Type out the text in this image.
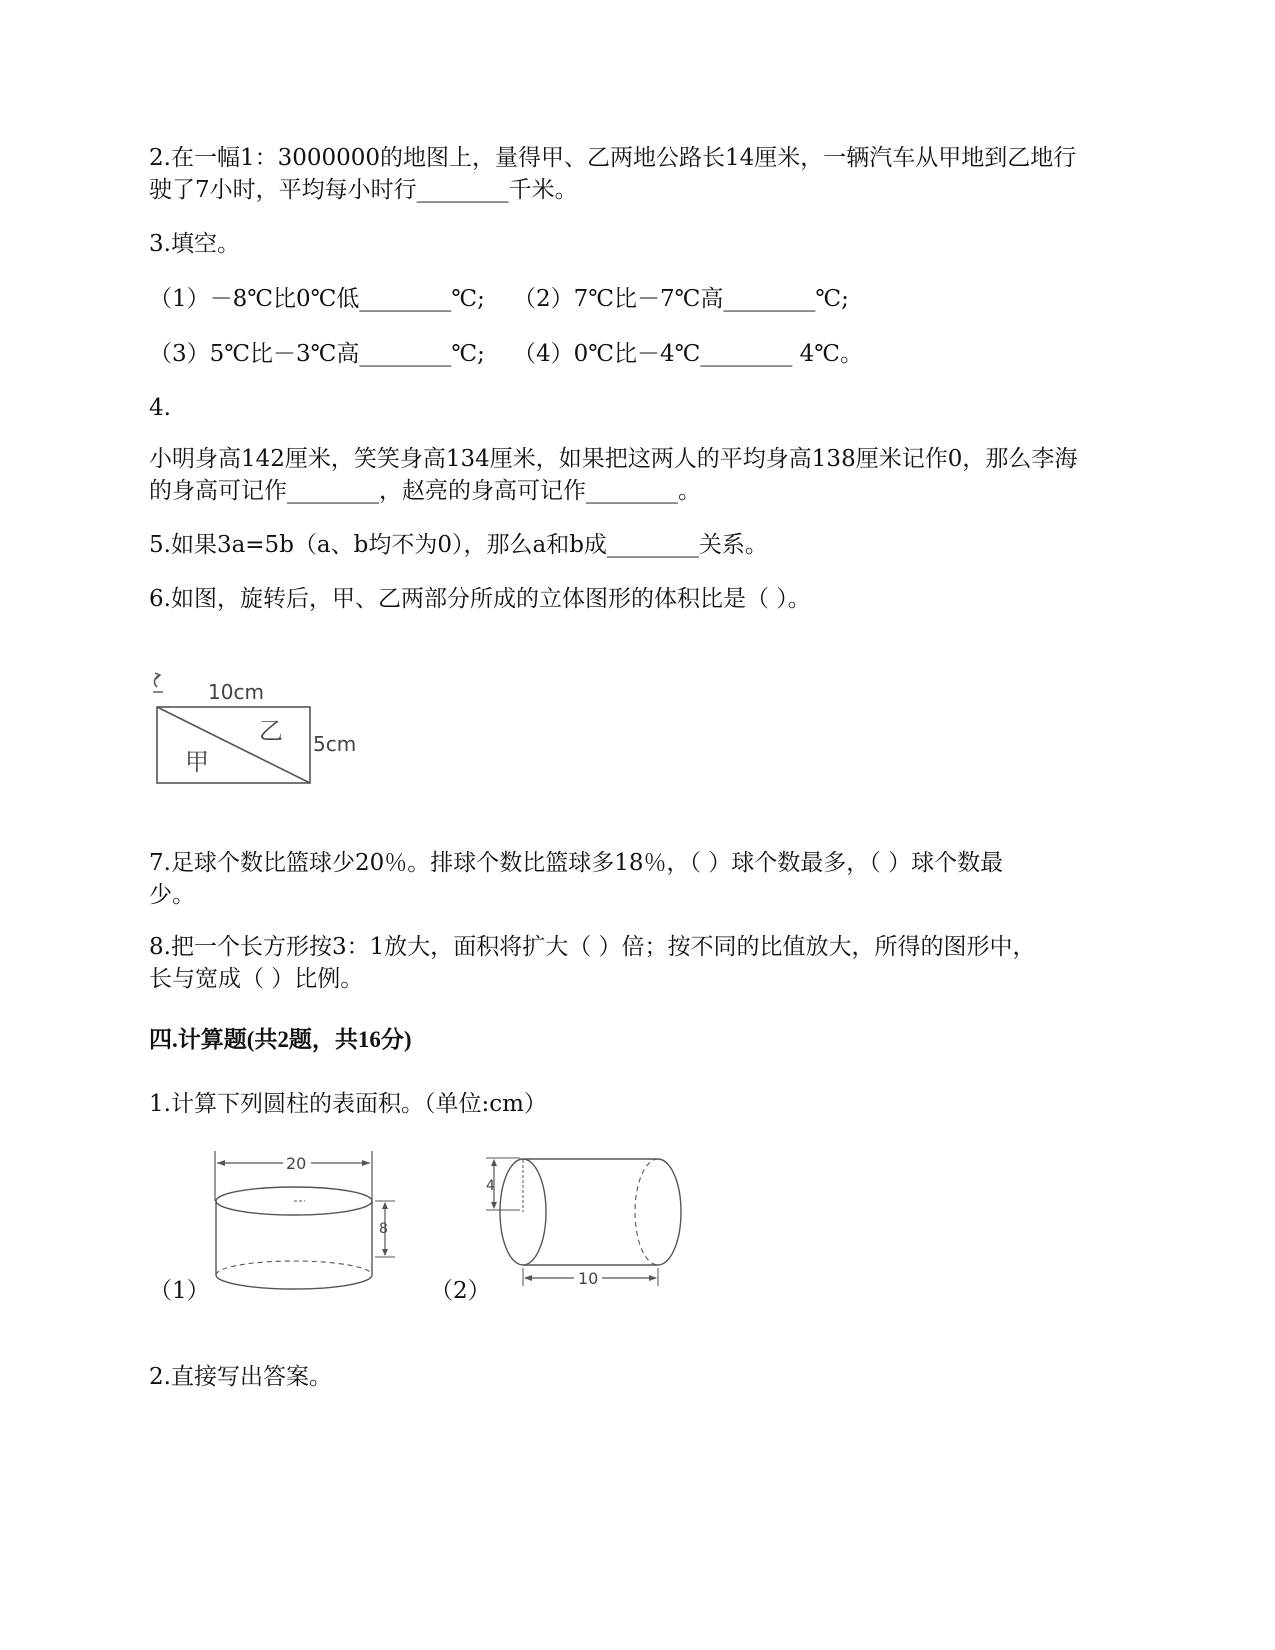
2.在一幅1：3000000的地图上，量得甲、乙两地公路长14厘米，一辆汽车从甲地到乙地行
驶了7小时，平均每小时行________千米。
3.填空。
（1）－8℃比0℃低________℃; （2）7℃比－7℃高________℃;
（3）5℃比－3℃高________℃; （4）0℃比－4℃________ 4℃。
4.
小明身高142厘米，笑笑身高134厘米，如果把这两人的平均身高138厘米记作0，那么李海
的身高可记作________，赵亮的身高可记作________。
5.如果3a=5b（a、b均不为0），那么a和b成________关系。
6.如图，旋转后，甲、乙两部分所成的立体图形的体积比是（ ）。
10cm
乙
甲
5cm
7.足球个数比篮球少20％。排球个数比篮球多18％，（ ）球个数最多，（ ）球个数最
少。
8.把一个长方形按3：1放大，面积将扩大（ ）倍；按不同的比值放大，所得的图形中，
长与宽成（ ）比例。
四.计算题(共2题，共16分)
1.计算下列圆柱的表面积。（单位:cm）
20
8
（1）
4
10
（2）
2.直接写出答案。
